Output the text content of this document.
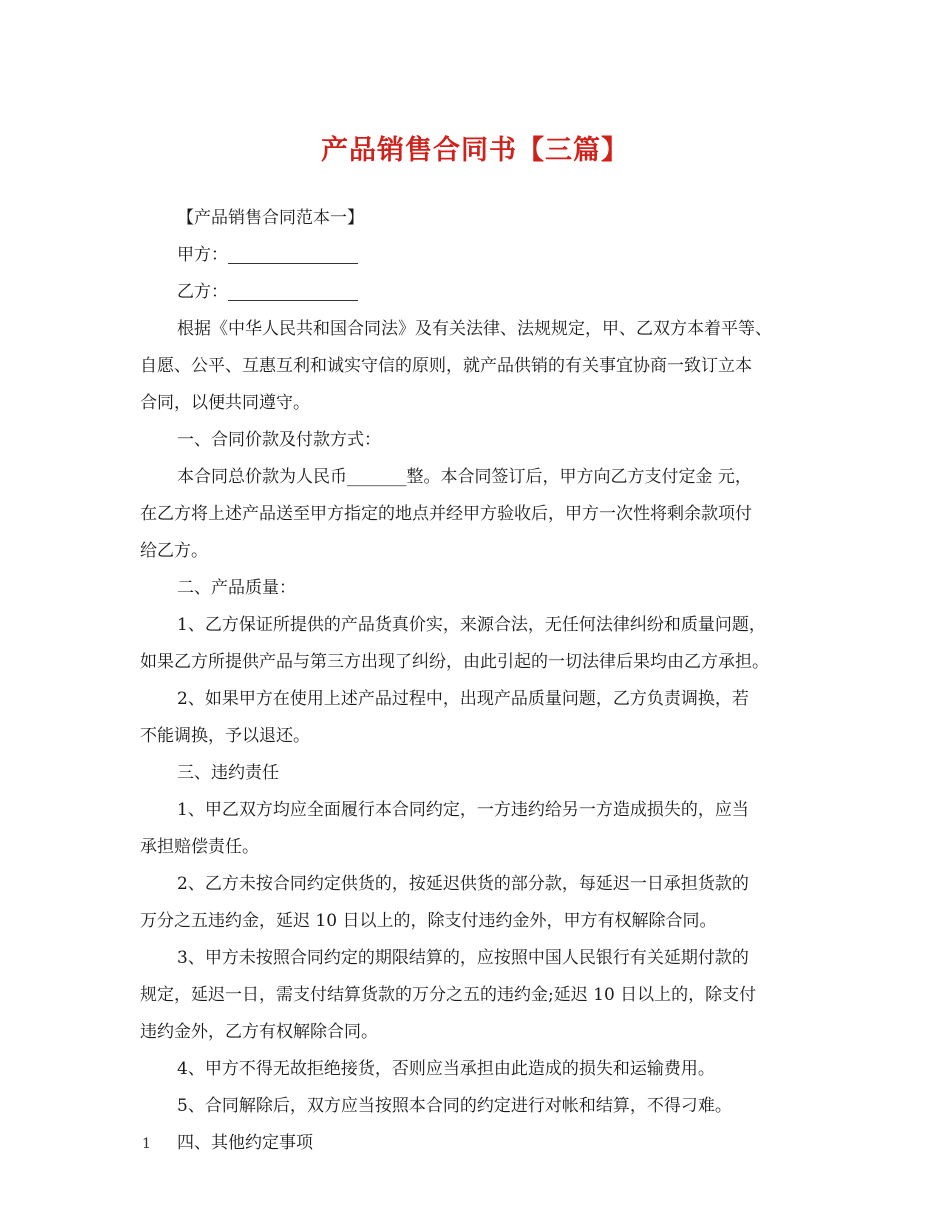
产品销售合同书【三篇】
【产品销售合同范本一】
甲方：
乙方：
根据《中华人民共和国合同法》及有关法律、法规规定，甲、乙双方本着平等、
自愿、公平、互惠互利和诚实守信的原则，就产品供销的有关事宜协商一致订立本
合同，以便共同遵守。
一、合同价款及付款方式：
本合同总价款为人民币_______整。本合同签订后，甲方向乙方支付定金 元，
在乙方将上述产品送至甲方指定的地点并经甲方验收后，甲方一次性将剩余款项付
给乙方。
二、产品质量：
1、乙方保证所提供的产品货真价实，来源合法，无任何法律纠纷和质量问题，
如果乙方所提供产品与第三方出现了纠纷，由此引起的一切法律后果均由乙方承担。
2、如果甲方在使用上述产品过程中，出现产品质量问题，乙方负责调换，若
不能调换，予以退还。
三、违约责任
1、甲乙双方均应全面履行本合同约定，一方违约给另一方造成损失的，应当
承担赔偿责任。
2、乙方未按合同约定供货的，按延迟供货的部分款，每延迟一日承担货款的
万分之五违约金，延迟 10 日以上的，除支付违约金外，甲方有权解除合同。
3、甲方未按照合同约定的期限结算的，应按照中国人民银行有关延期付款的
规定，延迟一日，需支付结算货款的万分之五的违约金;延迟 10 日以上的，除支付
违约金外，乙方有权解除合同。
4、甲方不得无故拒绝接货，否则应当承担由此造成的损失和运输费用。
5、合同解除后，双方应当按照本合同的约定进行对帐和结算，不得刁难。
四、其他约定事项
1
